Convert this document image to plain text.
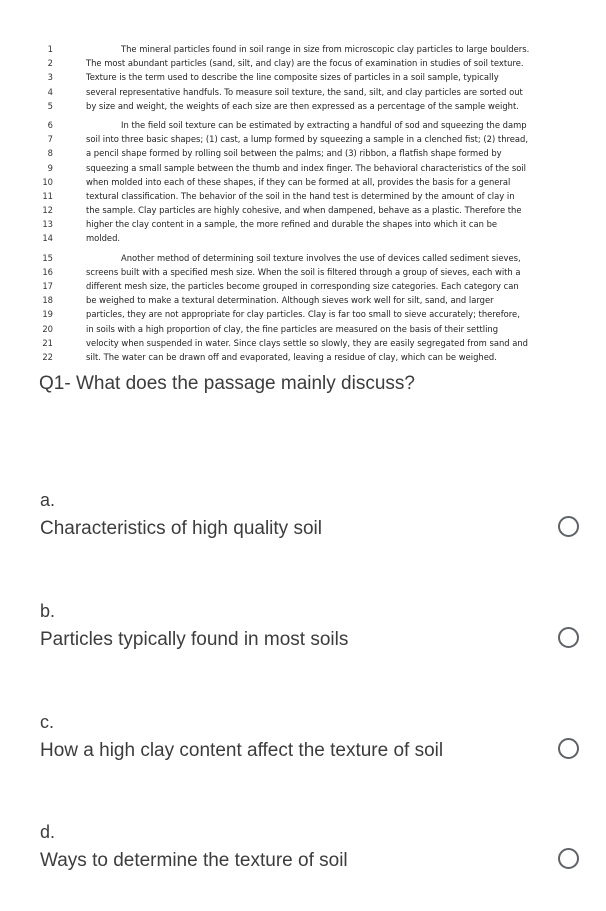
1	The mineral particles found in soil range in size from microscopic clay particles to large boulders.
2	The most abundant particles (sand, silt, and clay) are the focus of examination in studies of soil texture.
3	Texture is the term used to describe the line composite sizes of particles in a soil sample, typically
4	several representative handfuls. To measure soil texture, the sand, silt, and clay particles are sorted out
5	by size and weight, the weights of each size are then expressed as a percentage of the sample weight.
6	In the field soil texture can be estimated by extracting a handful of sod and squeezing the damp
7	soil into three basic shapes; (1) cast, a lump formed by squeezing a sample in a clenched fist; (2) thread,
8	a pencil shape formed by rolling soil between the palms; and (3) ribbon, a flatfish shape formed by
9	squeezing a small sample between the thumb and index finger. The behavioral characteristics of the soil
10	when molded into each of these shapes, if they can be formed at all, provides the basis for a general
11	textural classification. The behavior of the soil in the hand test is determined by the amount of clay in
12	the sample. Clay particles are highly cohesive, and when dampened, behave as a plastic. Therefore the
13	higher the clay content in a sample, the more refined and durable the shapes into which it can be
14	molded.
15	Another method of determining soil texture involves the use of devices called sediment sieves,
16	screens built with a specified mesh size. When the soil is filtered through a group of sieves, each with a
17	different mesh size, the particles become grouped in corresponding size categories. Each category can
18	be weighed to make a textural determination. Although sieves work well for silt, sand, and larger
19	particles, they are not appropriate for clay particles. Clay is far too small to sieve accurately; therefore,
20	in soils with a high proportion of clay, the fine particles are measured on the basis of their settling
21	velocity when suspended in water. Since clays settle so slowly, they are easily segregated from sand and
22	silt. The water can be drawn off and evaporated, leaving a residue of clay, which can be weighed.
Q1- What does the passage mainly discuss?
a.
Characteristics of high quality soil
b.
Particles typically found in most soils
c.
How a high clay content affect the texture of soil
d.
Ways to determine the texture of soil
